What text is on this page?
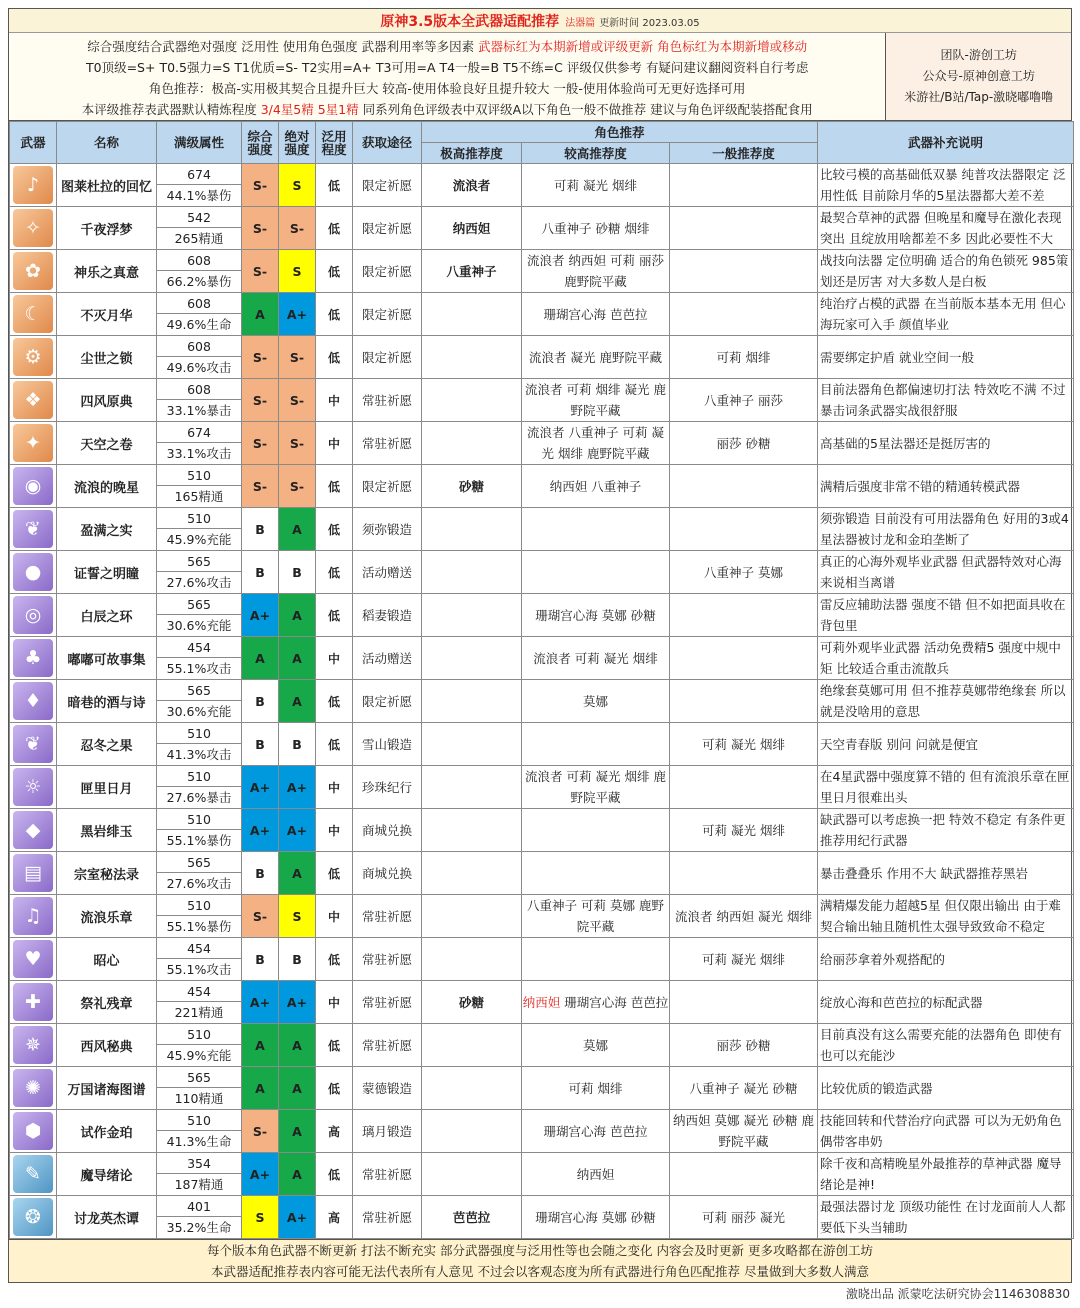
原神3.5版本全武器适配推荐 法器篇 更新时间 2023.03.05
综合强度结合武器绝对强度 泛用性 使用角色强度 武器利用率等多因素 武器标红为本期新增或评级更新 角色标红为本期新增或移动
T0顶级=S+ T0.5强力=S T1优质=S- T2实用=A+ T3可用=A T4一般=B T5不练=C 评级仅供参考 有疑问建议翻阅资料自行考虑
角色推荐：极高-实用极其契合且提升巨大 较高-使用体验良好且提升较大 一般-使用体验尚可无更好选择可用
本评级推荐表武器默认精炼程度 3/4星5精 5星1精 同系列角色评级表中双评级A以下角色一般不做推荐 建议与角色评级配装搭配食用
团队-游创工坊
公众号-原神创意工坊
米游社/B站/Tap-激晓嘟噜噜
武器	名称	满级属性	综合强度	绝对强度	泛用程度	获取途径	角色推荐			武器补充说明
							极高推荐度	较高推荐度	一般推荐度	

♪	图莱杜拉的回忆	674
44.1%暴伤	S-	S	低	限定祈愿	流浪者	可莉 凝光 烟绯		比较弓模的高基础低双暴 纯普攻法器限定 泛用性低 目前除月华的5星法器都大差不差

✧	千夜浮梦	542
265精通	S-	S-	低	限定祈愿	纳西妲	八重神子 砂糖 烟绯		最契合草神的武器 但晚星和魔导在激化表现突出 且绽放用啥都差不多 因此必要性不大

✿	神乐之真意	608
66.2%暴伤	S-	S	低	限定祈愿	八重神子	流浪者 纳西妲 可莉 丽莎 鹿野院平藏		战技向法器 定位明确 适合的角色锁死 985策划还是厉害 对大多数人是白板

☾	不灭月华	608
49.6%生命	A	A+	低	限定祈愿		珊瑚宫心海 芭芭拉		纯治疗占模的武器 在当前版本基本无用 但心海玩家可入手 颜值毕业

⚙	尘世之锁	608
49.6%攻击	S-	S-	低	限定祈愿		流浪者 凝光 鹿野院平藏	可莉 烟绯	需要绑定护盾 就业空间一般

❖	四风原典	608
33.1%暴击	S-	S-	中	常驻祈愿		流浪者 可莉 烟绯 凝光 鹿野院平藏	八重神子 丽莎	目前法器角色都偏速切打法 特效吃不满 不过暴击词条武器实战很舒服

✦	天空之卷	674
33.1%攻击	S-	S-	中	常驻祈愿		流浪者 八重神子 可莉 凝光 烟绯 鹿野院平藏	丽莎 砂糖	高基础的5星法器还是挺厉害的

◉	流浪的晚星	510
165精通	S-	S-	低	限定祈愿	砂糖	纳西妲 八重神子		满精后强度非常不错的精通转模武器

❦	盈满之实	510
45.9%充能	B	A	低	须弥锻造				须弥锻造 目前没有可用法器角色 好用的3或4星法器被讨龙和金珀垄断了

●	证誓之明瞳	565
27.6%攻击	B	B	低	活动赠送			八重神子 莫娜	真正的心海外观毕业武器 但武器特效对心海来说相当离谱

◎	白辰之环	565
30.6%充能	A+	A	低	稻妻锻造		珊瑚宫心海 莫娜 砂糖		雷反应辅助法器 强度不错 但不如把面具收在背包里

♣	嘟嘟可故事集	454
55.1%攻击	A	A	中	活动赠送		流浪者 可莉 凝光 烟绯		可莉外观毕业武器 活动免费精5 强度中规中矩 比较适合重击流散兵

♦	暗巷的酒与诗	565
30.6%充能	B	A	低	限定祈愿		莫娜		绝缘套莫娜可用 但不推荐莫娜带绝缘套 所以就是没啥用的意思

❦	忍冬之果	510
41.3%攻击	B	B	低	雪山锻造			可莉 凝光 烟绯	天空青春版 别问 问就是便宜

☼	匣里日月	510
27.6%暴击	A+	A+	中	珍珠纪行		流浪者 可莉 凝光 烟绯 鹿野院平藏		在4星武器中强度算不错的 但有流浪乐章在匣里日月很难出头

◆	黑岩绯玉	510
55.1%暴伤	A+	A+	中	商城兑换			可莉 凝光 烟绯	缺武器可以考虑换一把 特效不稳定 有条件更推荐用纪行武器

▤	宗室秘法录	565
27.6%攻击	B	A	低	商城兑换				暴击叠叠乐 作用不大 缺武器推荐黑岩

♫	流浪乐章	510
55.1%暴伤	S-	S	中	常驻祈愿		八重神子 可莉 莫娜 鹿野院平藏	流浪者 纳西妲 凝光 烟绯	满精爆发能力超越5星 但仅限出输出 由于难契合输出轴且随机性太强导致致命不稳定

♥	昭心	454
55.1%攻击	B	B	低	常驻祈愿			可莉 凝光 烟绯	给丽莎拿着外观搭配的

✚	祭礼残章	454
221精通	A+	A+	中	常驻祈愿	砂糖	纳西妲 珊瑚宫心海 芭芭拉		绽放心海和芭芭拉的标配武器

✵	西风秘典	510
45.9%充能	A	A	低	常驻祈愿		莫娜	丽莎 砂糖	目前真没有这么需要充能的法器角色 即使有也可以充能沙

✺	万国诸海图谱	565
110精通	A	A	低	蒙德锻造		可莉 烟绯	八重神子 凝光 砂糖	比较优质的锻造武器

⬢	试作金珀	510
41.3%生命	S-	A	高	璃月锻造		珊瑚宫心海 芭芭拉	纳西妲 莫娜 凝光 砂糖 鹿野院平藏	技能回转和代替治疗向武器 可以为无奶角色偶带客串奶

✎	魔导绪论	354
187精通	A+	A	低	常驻祈愿		纳西妲		除千夜和高精晚星外最推荐的草神武器 魔导绪论是神!

❂	讨龙英杰谭	401
35.2%生命	S	A+	高	常驻祈愿	芭芭拉	珊瑚宫心海 莫娜 砂糖	可莉 丽莎 凝光	最强法器讨龙 顶级功能性 在讨龙面前人人都要低下头当辅助
每个版本角色武器不断更新 打法不断充实 部分武器强度与泛用性等也会随之变化 内容会及时更新 更多攻略都在游创工坊
本武器适配推荐表内容可能无法代表所有人意见 不过会以客观态度为所有武器进行角色匹配推荐 尽量做到大多数人满意
激晓出品 派蒙吃法研究协会1146308830
